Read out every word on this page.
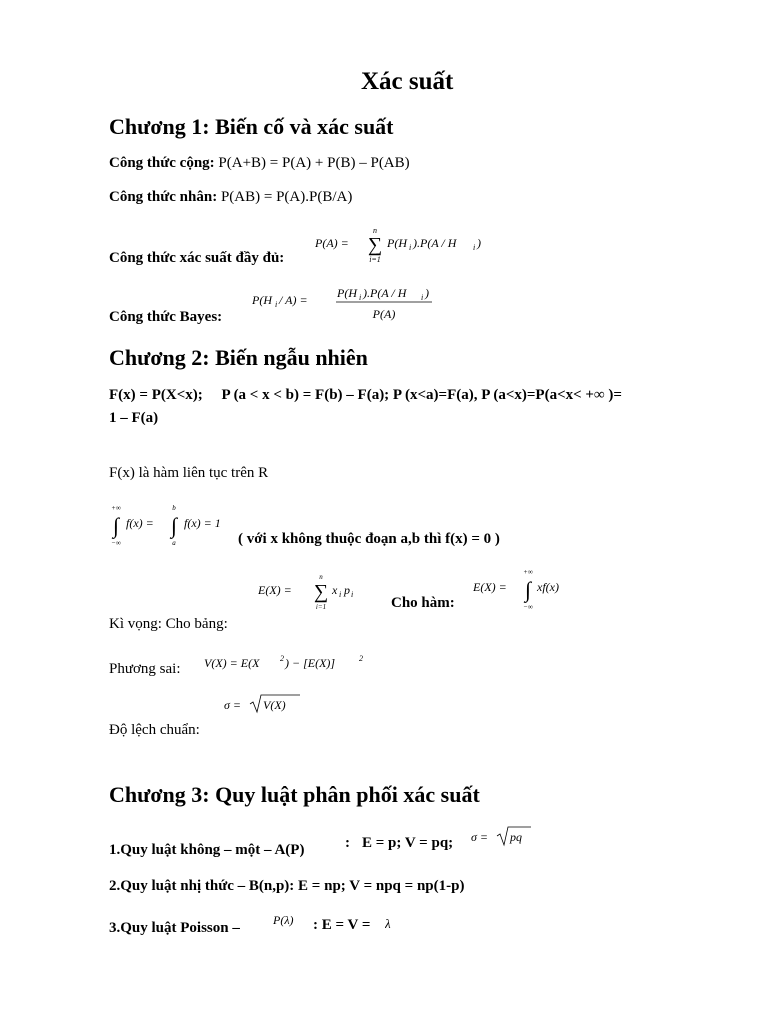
Xác suất
Chương 1: Biến cố và xác suất
Công thức cộng: P(A+B) = P(A) + P(B) – P(AB)
Công thức nhân: P(AB) = P(A).P(B/A)
P(A) =
n
∑
i=1
P(H i ).P(A / H i )
Công thức xác suất đầy đủ:
P(H i / A) = P(H i ).P(A / H i )
P(A)
Công thức Bayes:
Chương 2: Biến ngẫu nhiên
F(x) = P(X<x);     P (a < x < b) = F(b) – F(a); P (x<a)=F(a), P (a<x)=P(a<x< +∞ )=
1 – F(a)
F(x) là hàm liên tục trên R
+∞
∫
−∞
f(x) =
b
∫
a
f(x) = 1
( với x không thuộc đoạn a,b thì f(x) = 0 )
E(X) =
n
∑
i=1
x i p i
Cho hàm:
E(X) =
+∞
∫
−∞
xf(x)
Kì vọng: Cho bảng:
Phương sai: V(X) = E(X	2 ) − [E(X)]	2
σ = V(X)
Độ lệch chuẩn:
Chương 3: Quy luật phân phối xác suất
1.Quy luật không – một – A(P)	: E = p; V = pq; σ = pq
2.Quy luật nhị thức – B(n,p): E = np; V = npq = np(1-p)
3.Quy luật Poisson –	P(λ) : E = V = λ
